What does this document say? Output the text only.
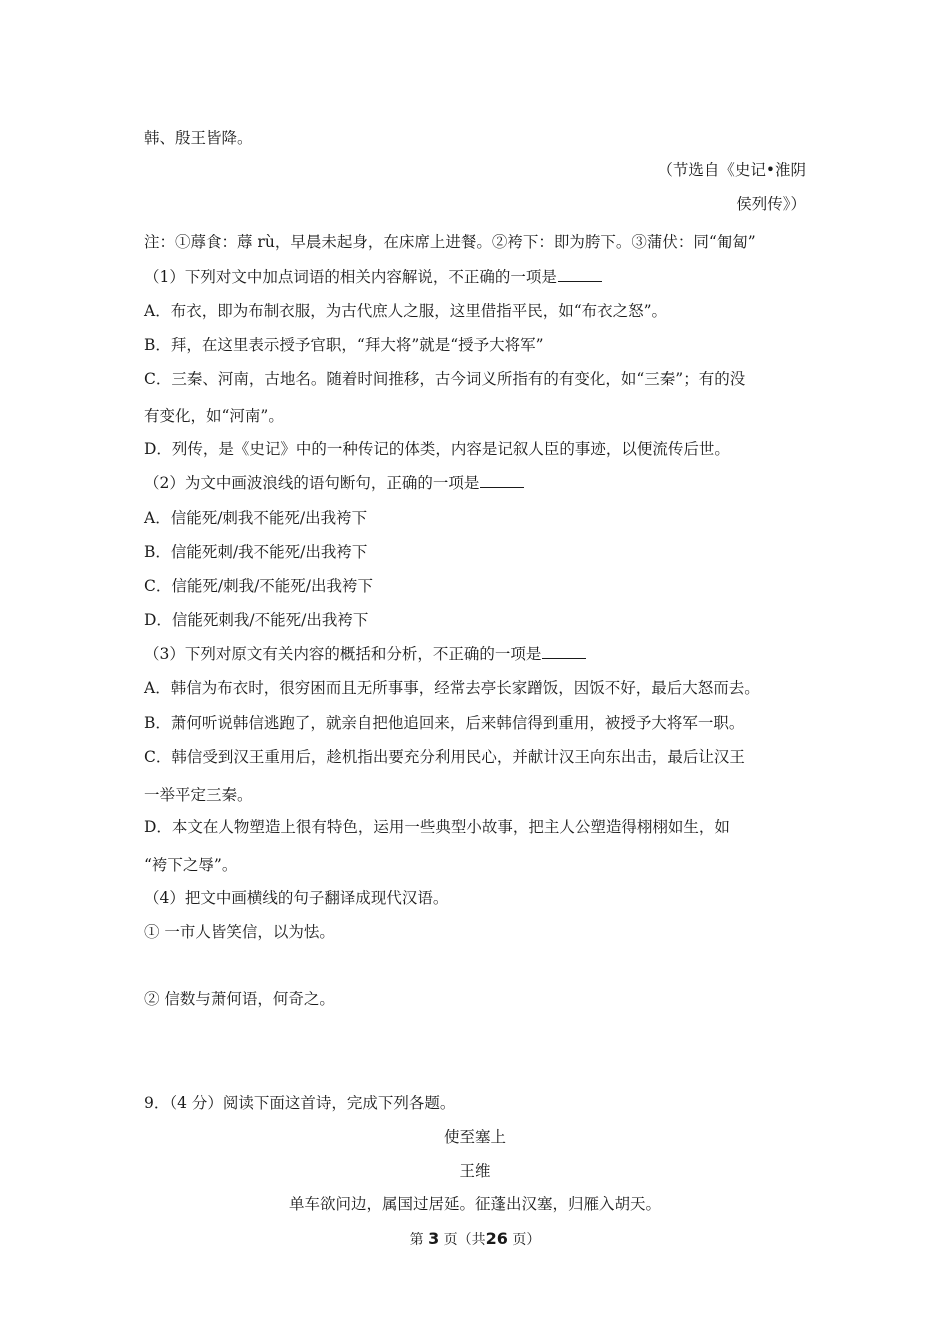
韩、殷王皆降。
（节选自《史记•淮阴
侯列传》）
注：①蓐食：蓐 rù，早晨未起身，在床席上进餐。②袴下：即为胯下。③蒲伏：同“匍匐”
（1）下列对文中加点词语的相关内容解说，不正确的一项是
A．布衣，即为布制衣服，为古代庶人之服，这里借指平民，如“布衣之怒”。
B．拜，在这里表示授予官职，“拜大将”就是“授予大将军”
C．三秦、河南，古地名。随着时间推移，古今词义所指有的有变化，如“三秦”；有的没
有变化，如“河南”。
D．列传，是《史记》中的一种传记的体类，内容是记叙人臣的事迹，以便流传后世。
（2）为文中画波浪线的语句断句，正确的一项是
A．信能死/刺我不能死/出我袴下
B．信能死刺/我不能死/出我袴下
C．信能死/刺我/不能死/出我袴下
D．信能死刺我/不能死/出我袴下
（3）下列对原文有关内容的概括和分析，不正确的一项是
A．韩信为布衣时，很穷困而且无所事事，经常去亭长家蹭饭，因饭不好，最后大怒而去。
B．萧何听说韩信逃跑了，就亲自把他追回来，后来韩信得到重用，被授予大将军一职。
C．韩信受到汉王重用后，趁机指出要充分利用民心，并献计汉王向东出击，最后让汉王
一举平定三秦。
D．本文在人物塑造上很有特色，运用一些典型小故事，把主人公塑造得栩栩如生，如
“袴下之辱”。
（4）把文中画横线的句子翻译成现代汉语。
① 一市人皆笑信，以为怯。
② 信数与萧何语，何奇之。
9．（4 分）阅读下面这首诗，完成下列各题。
使至塞上
王维
单车欲问边，属国过居延。征蓬出汉塞，归雁入胡天。
第 3 页（共26 页）
